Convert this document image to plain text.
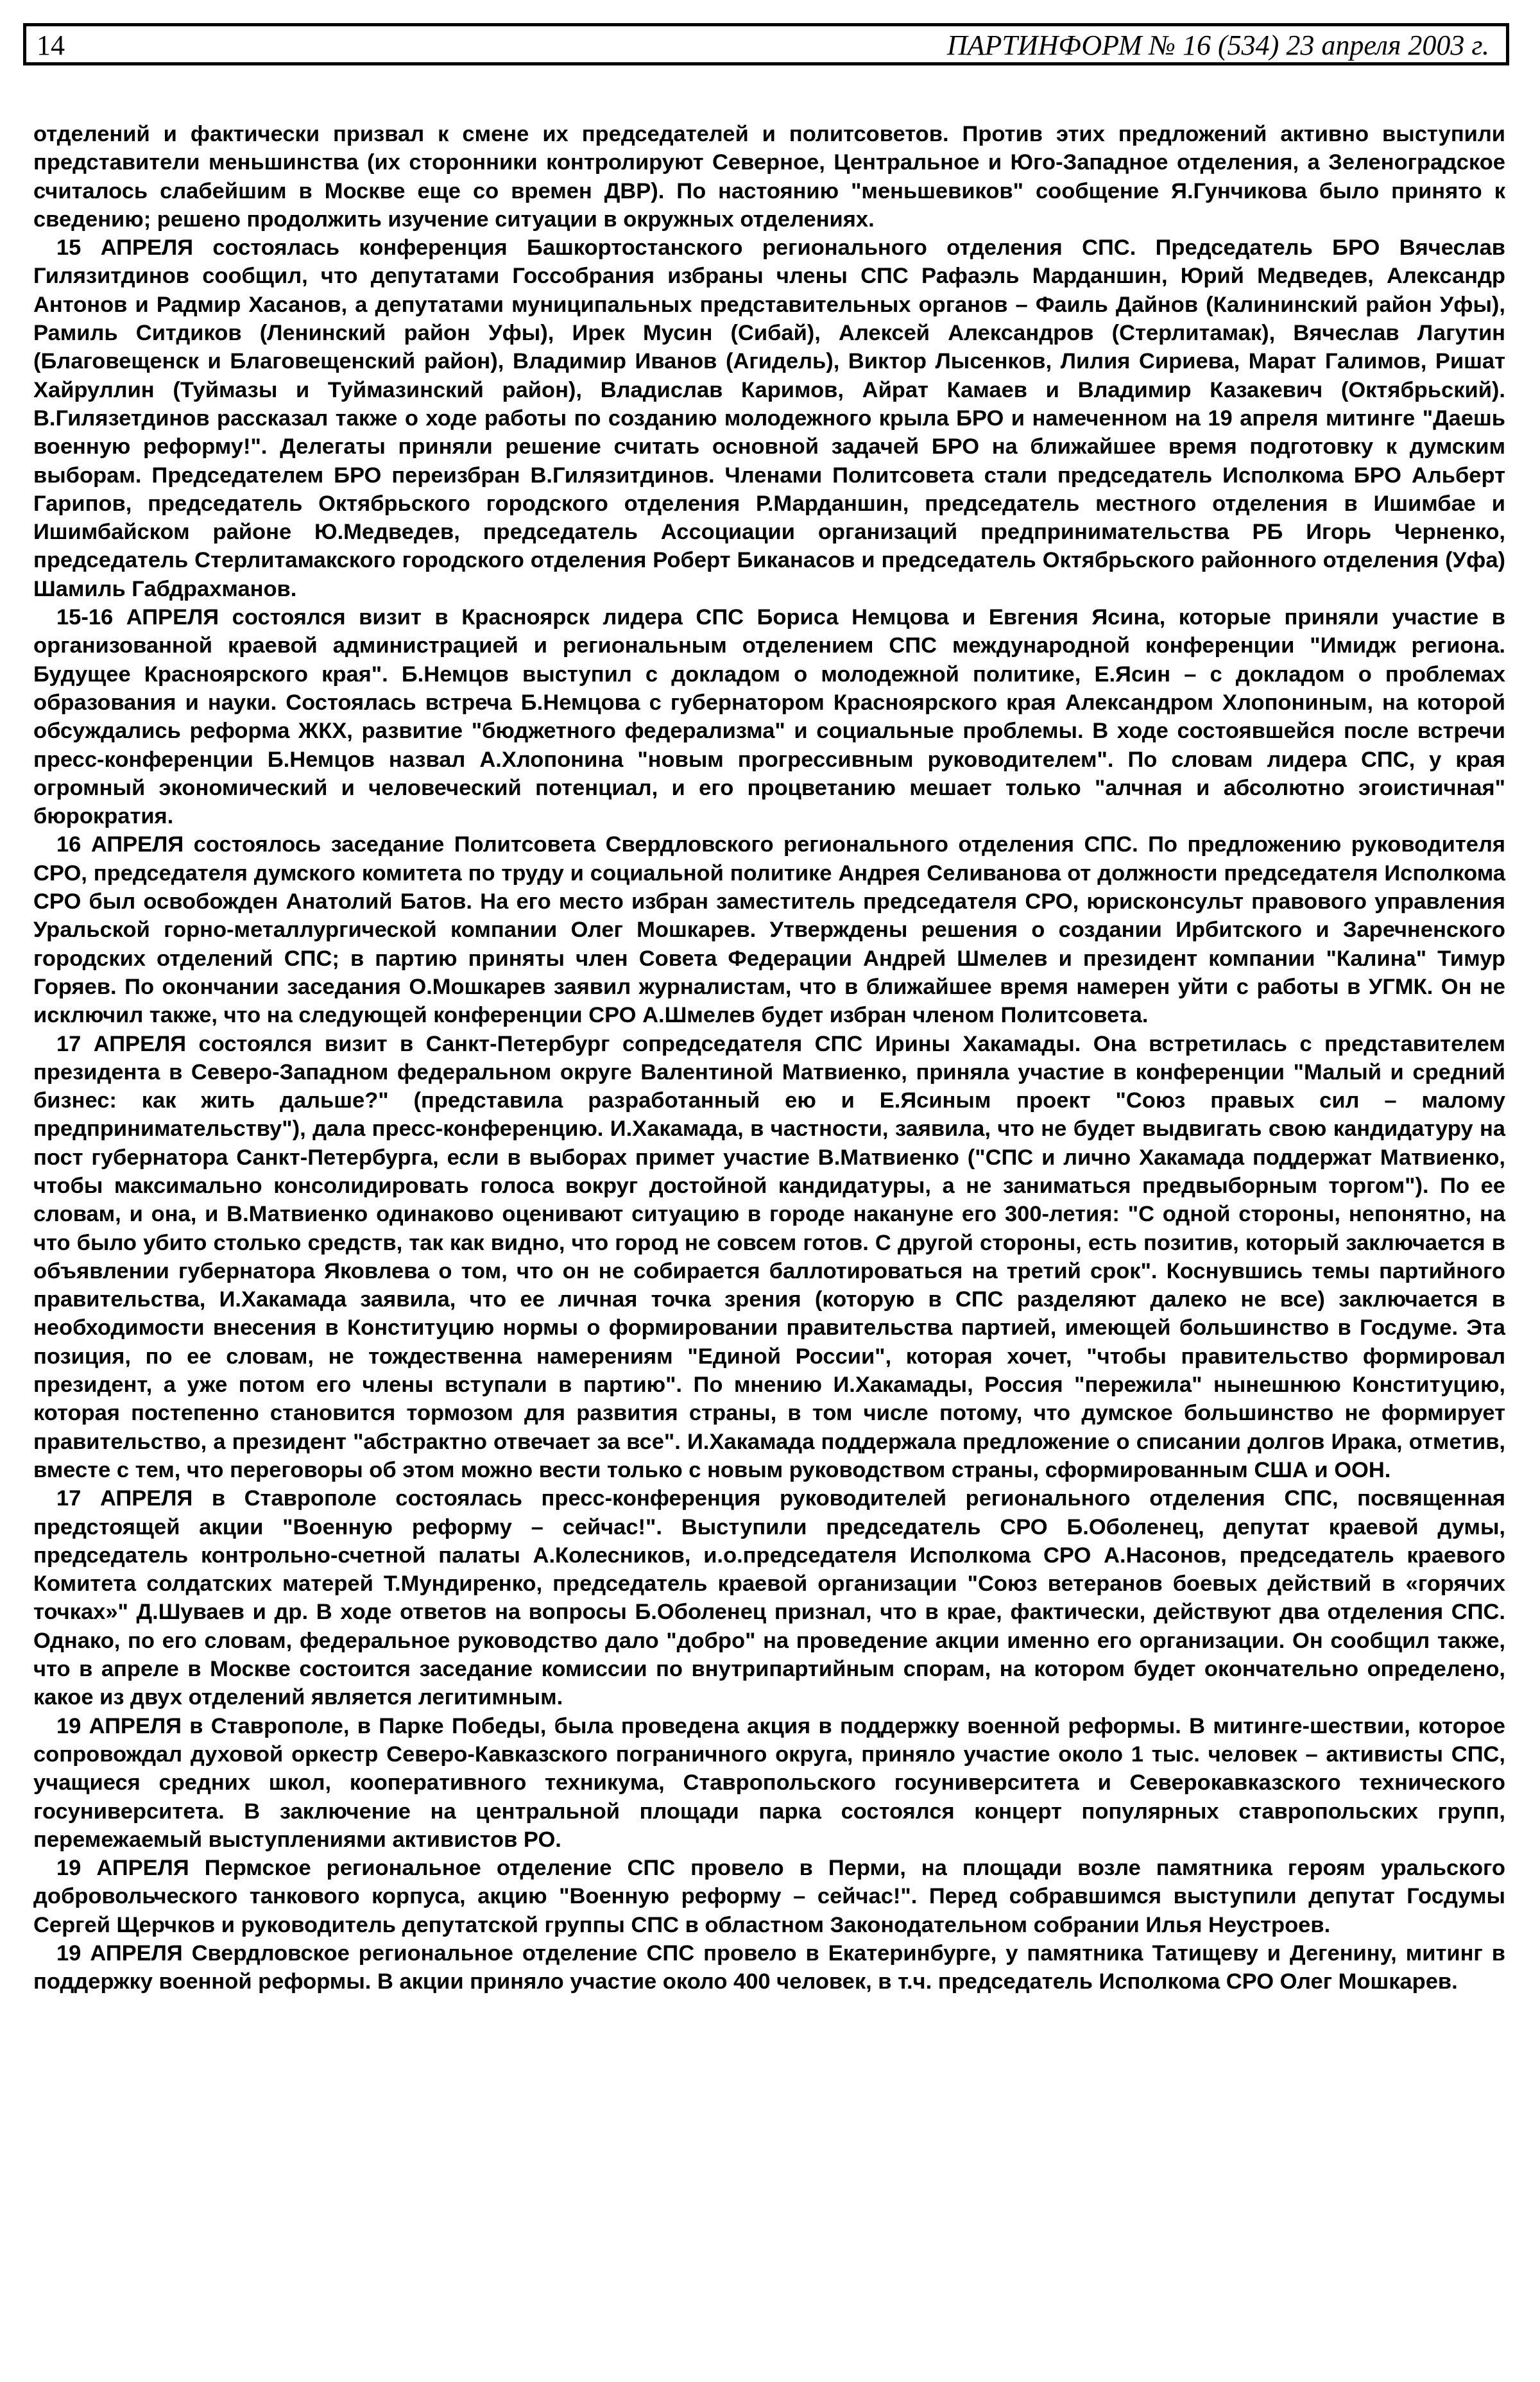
14	ПАРТИНФОРМ № 16 (534) 23 апреля 2003 г.

отделений и фактически призвал к смене их председателей и политсоветов. Против этих предложений активно выступили представители меньшинства (их сторонники контролируют Северное, Центральное и Юго-Западное отделения, а Зеленоградское считалось слабейшим в Москве еще со времен ДВР). По настоянию "меньшевиков" сообщение Я.Гунчикова было принято к сведению; решено продолжить изучение ситуации в окружных отделениях.

15 АПРЕЛЯ состоялась конференция Башкортостанского регионального отделения СПС. Председатель БРО Вячеслав Гилязитдинов сообщил, что депутатами Госсобрания избраны члены СПС Рафаэль Марданшин, Юрий Медведев, Александр Антонов и Радмир Хасанов, а депутатами муниципальных представительных органов – Фаиль Дайнов (Калининский район Уфы), Рамиль Ситдиков (Ленинский район Уфы), Ирек Мусин (Сибай), Алексей Александров (Стерлитамак), Вячеслав Лагутин (Благовещенск и Благовещенский район), Владимир Иванов (Агидель), Виктор Лысенков, Лилия Сириева, Марат Галимов, Ришат Хайруллин (Туймазы и Туймазинский район), Владислав Каримов, Айрат Камаев и Владимир Казакевич (Октябрьский). В.Гилязетдинов рассказал также о ходе работы по созданию молодежного крыла БРО и намеченном на 19 апреля митинге "Даешь военную реформу!". Делегаты приняли решение считать основной задачей БРО на ближайшее время подготовку к думским выборам. Председателем БРО переизбран В.Гилязитдинов. Членами Политсовета стали председатель Исполкома БРО Альберт Гарипов, председатель Октябрьского городского отделения Р.Марданшин, председатель местного отделения в Ишимбае и Ишимбайском районе Ю.Медведев, председатель Ассоциации организаций предпринимательства РБ Игорь Черненко, председатель Стерлитамакского городского отделения Роберт Биканасов и председатель Октябрьского районного отделения (Уфа) Шамиль Габдрахманов.

15-16 АПРЕЛЯ состоялся визит в Красноярск лидера СПС Бориса Немцова и Евгения Ясина, которые приняли участие в организованной краевой администрацией и региональным отделением СПС международной конференции "Имидж региона. Будущее Красноярского края". Б.Немцов выступил с докладом о молодежной политике, Е.Ясин – с докладом о проблемах образования и науки. Состоялась встреча Б.Немцова с губернатором Красноярского края Александром Хлопониным, на которой обсуждались реформа ЖКХ, развитие "бюджетного федерализма" и социальные проблемы. В ходе состоявшейся после встречи пресс-конференции Б.Немцов назвал А.Хлопонина "новым прогрессивным руководителем". По словам лидера СПС, у края огромный экономический и человеческий потенциал, и его процветанию мешает только "алчная и абсолютно эгоистичная" бюрократия.

16 АПРЕЛЯ состоялось заседание Политсовета Свердловского регионального отделения СПС. По предложению руководителя СРО, председателя думского комитета по труду и социальной политике Андрея Селиванова от должности председателя Исполкома СРО был освобожден Анатолий Батов. На его место избран заместитель председателя СРО, юрисконсульт правового управления Уральской горно-металлургической компании Олег Мошкарев. Утверждены решения о создании Ирбитского и Заречненского городских отделений СПС; в партию приняты член Совета Федерации Андрей Шмелев и президент компании "Калина" Тимур Горяев. По окончании заседания О.Мошкарев заявил журналистам, что в ближайшее время намерен уйти с работы в УГМК. Он не исключил также, что на следующей конференции СРО А.Шмелев будет избран членом Политсовета.

17 АПРЕЛЯ состоялся визит в Санкт-Петербург сопредседателя СПС Ирины Хакамады. Она встретилась с представителем президента в Северо-Западном федеральном округе Валентиной Матвиенко, приняла участие в конференции "Малый и средний бизнес: как жить дальше?" (представила разработанный ею и Е.Ясиным проект "Союз правых сил – малому предпринимательству"), дала пресс-конференцию. И.Хакамада, в частности, заявила, что не будет выдвигать свою кандидатуру на пост губернатора Санкт-Петербурга, если в выборах примет участие В.Матвиенко ("СПС и лично Хакамада поддержат Матвиенко, чтобы максимально консолидировать голоса вокруг достойной кандидатуры, а не заниматься предвыборным торгом"). По ее словам, и она, и В.Матвиенко одинаково оценивают ситуацию в городе накануне его 300-летия: "С одной стороны, непонятно, на что было убито столько средств, так как видно, что город не совсем готов. С другой стороны, есть позитив, который заключается в объявлении губернатора Яковлева о том, что он не собирается баллотироваться на третий срок". Коснувшись темы партийного правительства, И.Хакамада заявила, что ее личная точка зрения (которую в СПС разделяют далеко не все) заключается в необходимости внесения в Конституцию нормы о формировании правительства партией, имеющей большинство в Госдуме. Эта позиция, по ее словам, не тождественна намерениям "Единой России", которая хочет, "чтобы правительство формировал президент, а уже потом его члены вступали в партию". По мнению И.Хакамады, Россия "пережила" нынешнюю Конституцию, которая постепенно становится тормозом для развития страны, в том числе потому, что думское большинство не формирует правительство, а президент "абстрактно отвечает за все". И.Хакамада поддержала предложение о списании долгов Ирака, отметив, вместе с тем, что переговоры об этом можно вести только с новым руководством страны, сформированным США и ООН.

17 АПРЕЛЯ в Ставрополе состоялась пресс-конференция руководителей регионального отделения СПС, посвященная предстоящей акции "Военную реформу – сейчас!". Выступили председатель СРО Б.Оболенец, депутат краевой думы, председатель контрольно-счетной палаты А.Колесников, и.о.председателя Исполкома СРО А.Насонов, председатель краевого Комитета солдатских матерей Т.Мундиренко, председатель краевой организации "Союз ветеранов боевых действий в «горячих точках»" Д.Шуваев и др. В ходе ответов на вопросы Б.Оболенец признал, что в крае, фактически, действуют два отделения СПС. Однако, по его словам, федеральное руководство дало "добро" на проведение акции именно его организации. Он сообщил также, что в апреле в Москве состоится заседание комиссии по внутрипартийным спорам, на котором будет окончательно определено, какое из двух отделений является легитимным.

19 АПРЕЛЯ в Ставрополе, в Парке Победы, была проведена акция в поддержку военной реформы. В митинге-шествии, которое сопровождал духовой оркестр Северо-Кавказского пограничного округа, приняло участие около 1 тыс. человек – активисты СПС, учащиеся средних школ, кооперативного техникума, Ставропольского госуниверситета и Северокавказского технического госуниверситета. В заключение на центральной площади парка состоялся концерт популярных ставропольских групп, перемежаемый выступлениями активистов РО.

19 АПРЕЛЯ Пермское региональное отделение СПС провело в Перми, на площади возле памятника героям уральского добровольческого танкового корпуса, акцию "Военную реформу – сейчас!". Перед собравшимся выступили депутат Госдумы Сергей Щерчков и руководитель депутатской группы СПС в областном Законодательном собрании Илья Неустроев.

19 АПРЕЛЯ Свердловское региональное отделение СПС провело в Екатеринбурге, у памятника Татищеву и Дегенину, митинг в поддержку военной реформы. В акции приняло участие около 400 человек, в т.ч. председатель Исполкома СРО Олег Мошкарев.
